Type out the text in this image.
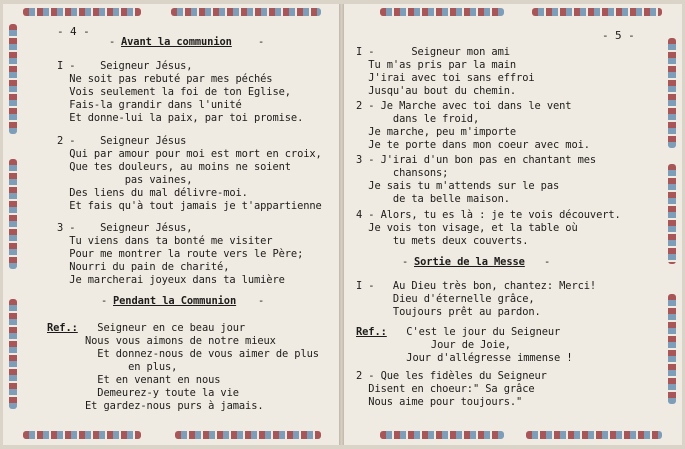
- 4 -
- Avant la communion	-
I -    Seigneur Jésus,
Ne soit pas rebuté par mes péchés
Vois seulement la foi de ton Eglise,
Fais-la grandir dans l'unité
Et donne-lui la paix, par toi promise.
2 -    Seigneur Jésus
Qui par amour pour moi est mort en croix,
Que tes douleurs, au moins ne soient
pas vaines,
Des liens du mal délivre-moi.
Et fais qu'à tout jamais je t'appartienne
3 -    Seigneur Jésus,
Tu viens dans ta bonté me visiter
Pour me montrer la route vers le Père;
Nourri du pain de charité,
Je marcherai joyeux dans ta lumière
- Pendant la Communion -
Ref.: Seigneur en ce beau jour
Nous vous aimons de notre mieux
Et donnez-nous de vous aimer de plus
en plus,
Et en venant en nous
Demeurez-y toute la vie
Et gardez-nous purs à jamais.
- 5 -
I -      Seigneur mon ami
Tu m'as pris par la main
J'irai avec toi sans effroi
Jusqu'au bout du chemin.
2 - Je Marche avec toi dans le vent
dans le froid,
Je marche, peu m'importe
Je te porte dans mon coeur avec moi.
3 - J'irai d'un bon pas en chantant mes
chansons;
Je sais tu m'attends sur le pas
de ta belle maison.
4 - Alors, tu es là : je te vois découvert.
Je vois ton visage, et la table où
tu mets deux couverts.
- Sortie de la Messe -
I -   Au Dieu très bon, chantez: Merci!
Dieu d'éternelle grâce,
Toujours prêt au pardon.
Ref.: C'est le jour du Seigneur
Jour de Joie,
Jour d'allégresse immense !
2 - Que les fidèles du Seigneur
Disent en choeur:" Sa grâce
Nous aime pour toujours."
